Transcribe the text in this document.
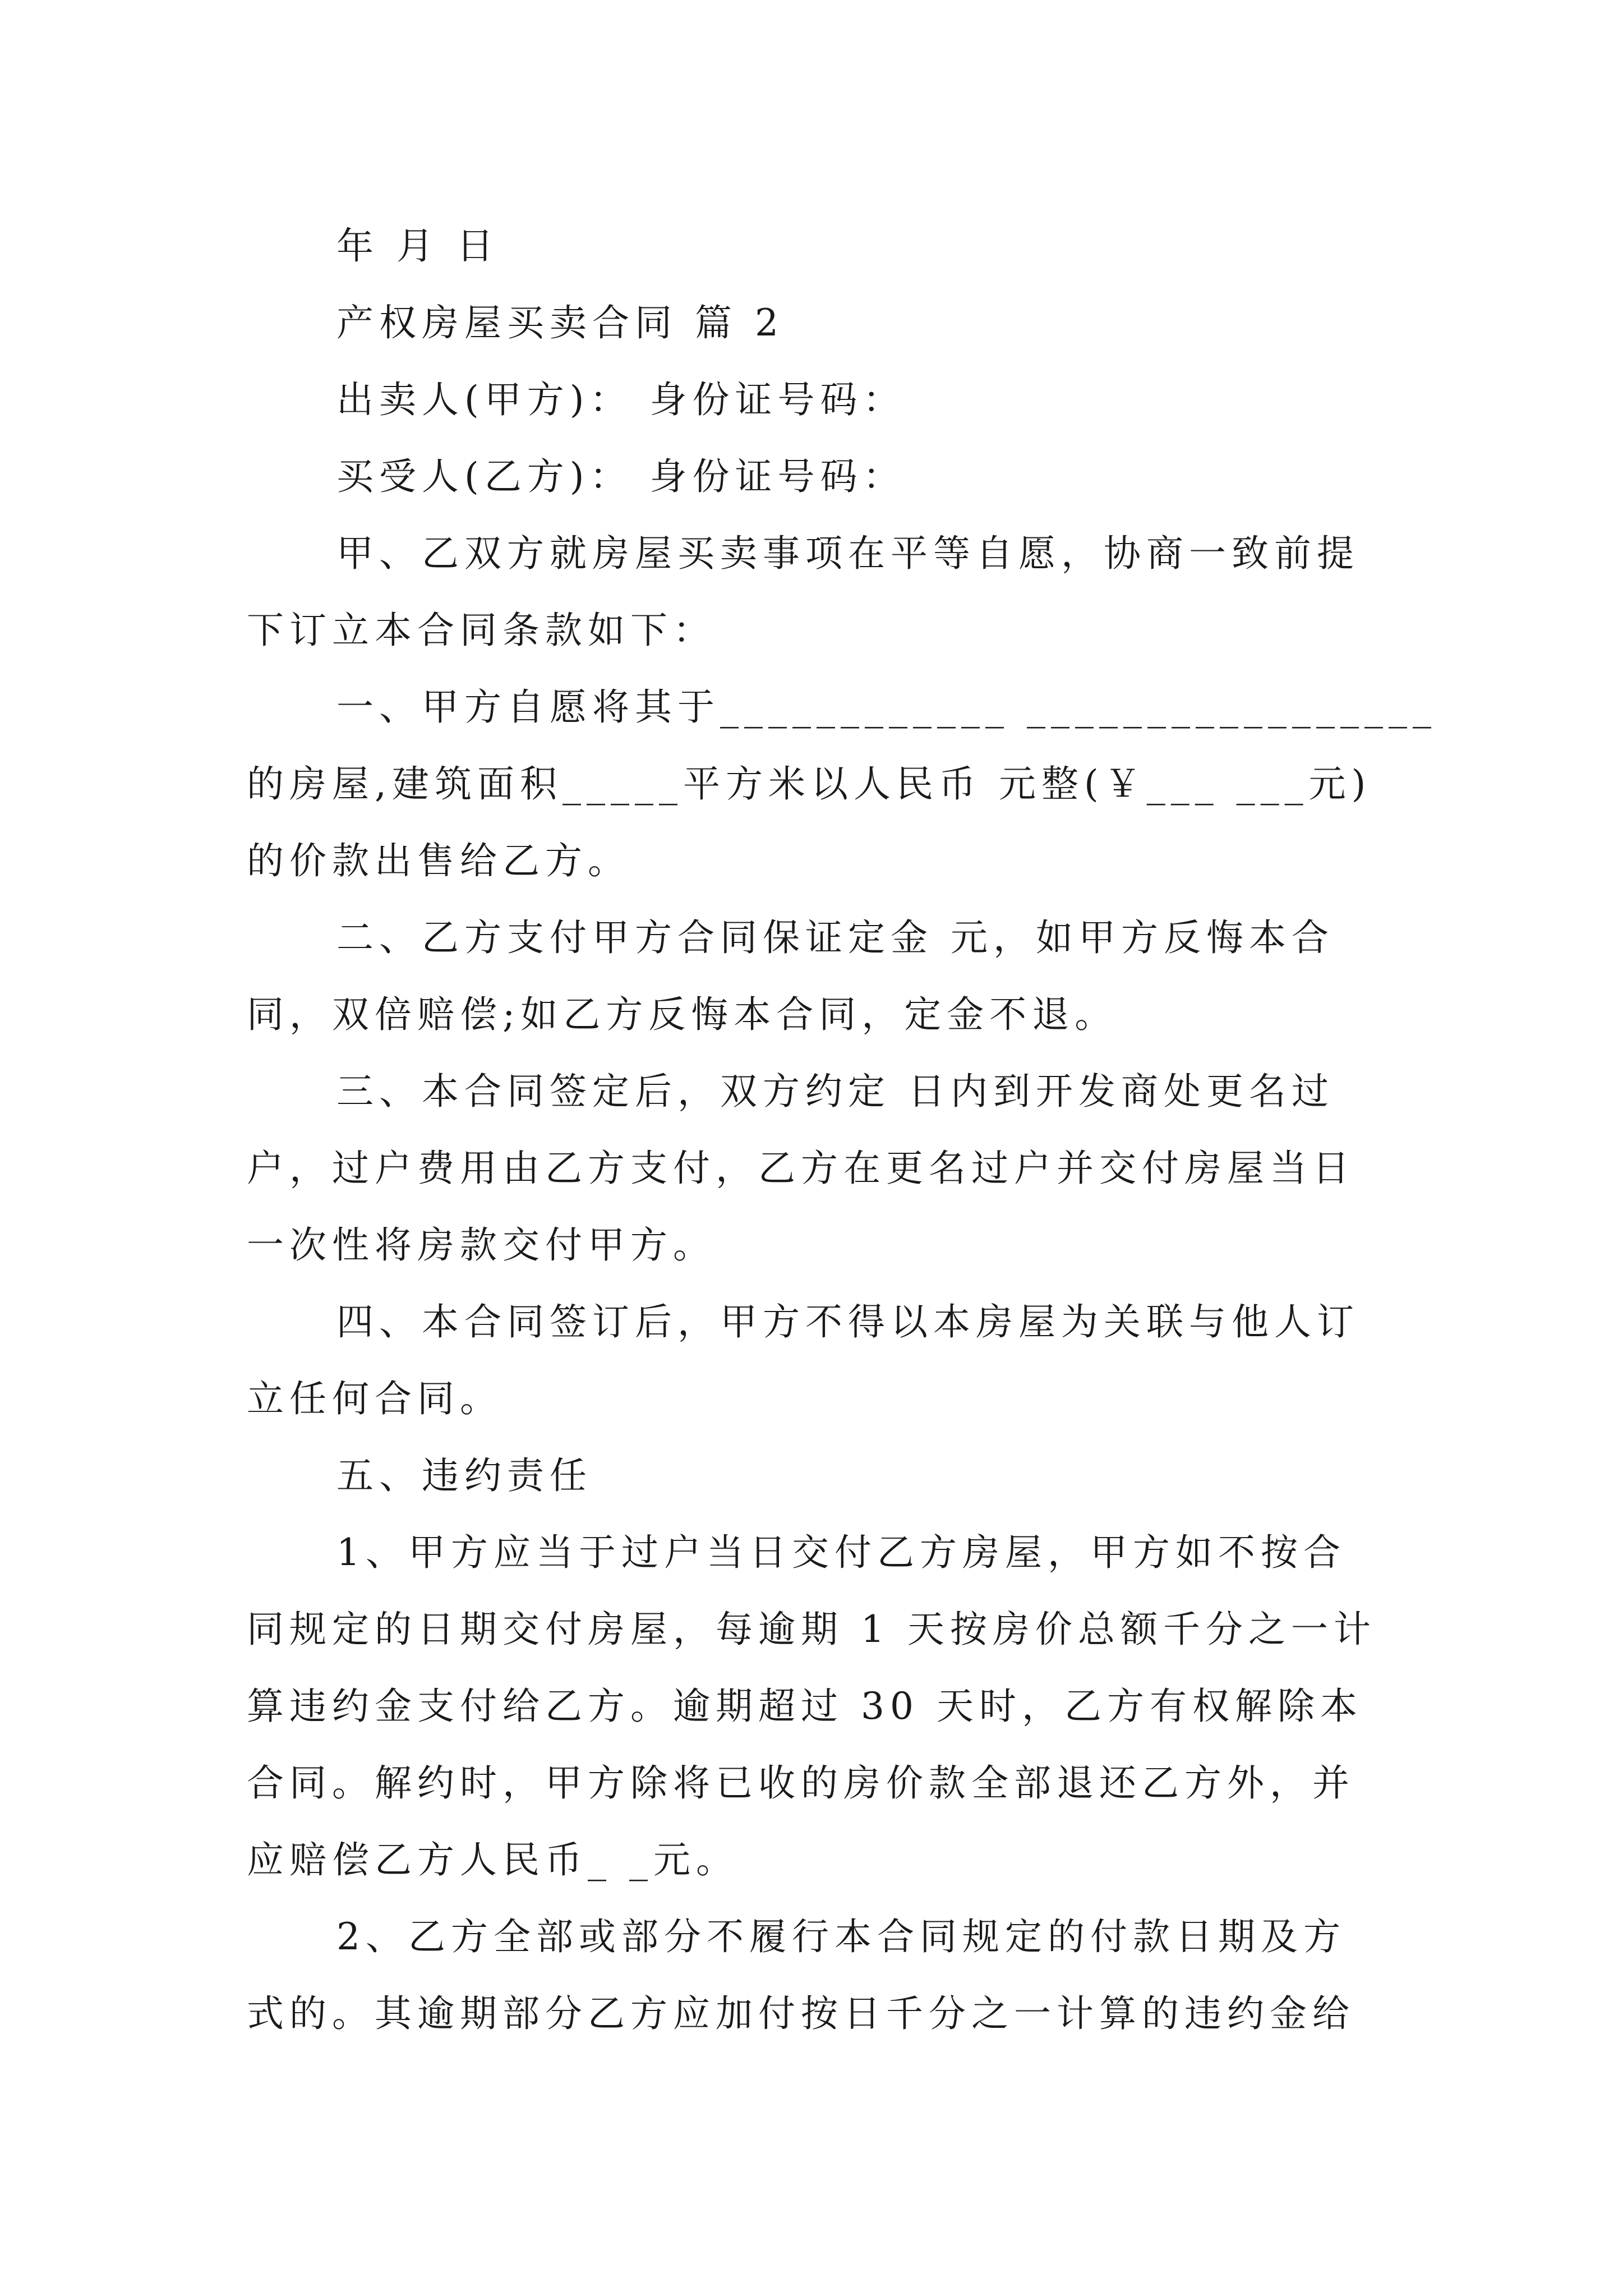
年 月 日
产权房屋买卖合同 篇 2
出卖人(甲方)： 身份证号码：
买受人(乙方)： 身份证号码：
甲、乙双方就房屋买卖事项在平等自愿，协商一致前提
下订立本合同条款如下：
一、甲方自愿将其于____________ _________________
的房屋,建筑面积_____平方米以人民币 元整(￥___ ___元)
的价款出售给乙方。
二、乙方支付甲方合同保证定金 元，如甲方反悔本合
同，双倍赔偿;如乙方反悔本合同，定金不退。
三、本合同签定后，双方约定 日内到开发商处更名过
户，过户费用由乙方支付，乙方在更名过户并交付房屋当日
一次性将房款交付甲方。
四、本合同签订后，甲方不得以本房屋为关联与他人订
立任何合同。
五、违约责任
1、甲方应当于过户当日交付乙方房屋，甲方如不按合
同规定的日期交付房屋，每逾期 1 天按房价总额千分之一计
算违约金支付给乙方。逾期超过 30 天时，乙方有权解除本
合同。解约时，甲方除将已收的房价款全部退还乙方外，并
应赔偿乙方人民币_ _元。
2、乙方全部或部分不履行本合同规定的付款日期及方
式的。其逾期部分乙方应加付按日千分之一计算的违约金给
